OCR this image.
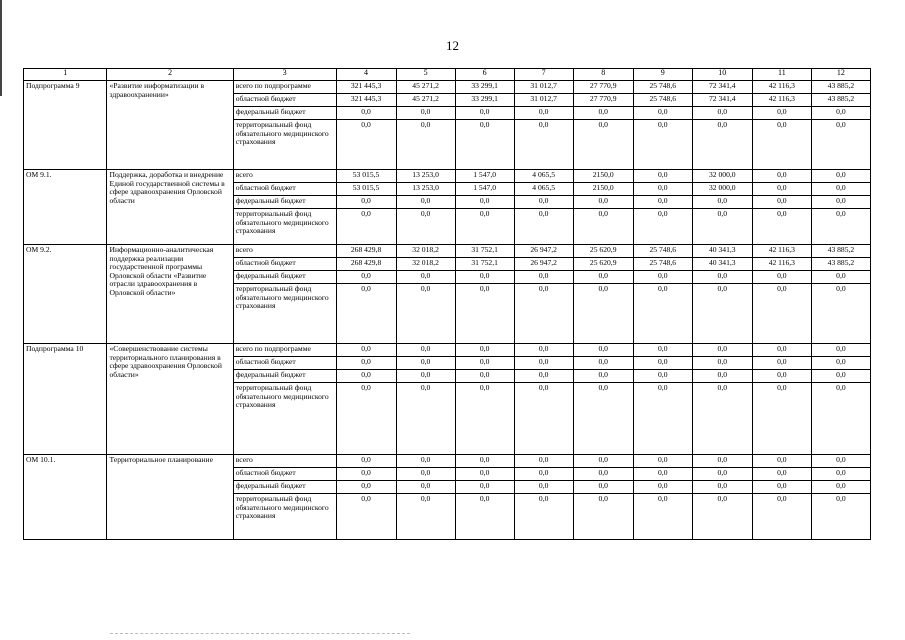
12
1	2	3	4	5	6	7	8	9	10	11	12
Подпрограмма 9	«Развитие информатизации в здравоохранении»	всего по подпрограмме	321 445,3	45 271,2	33 299,1	31 012,7	27 770,9	25 748,6	72 341,4	42 116,3	43 885,2
		областной бюджет	321 445,3	45 271,2	33 299,1	31 012,7	27 770,9	25 748,6	72 341,4	42 116,3	43 885,2
		федеральный бюджет	0,0	0,0	0,0	0,0	0,0	0,0	0,0	0,0	0,0
		территориальный фонд обязательного медицинского страхования	0,0	0,0	0,0	0,0	0,0	0,0	0,0	0,0	0,0
ОМ 9.1.	Поддержка, доработка и внедрение Единой государственной системы в сфере здравоохранения Орловской области	всего	53 015,5	13 253,0	1 547,0	4 065,5	2150,0	0,0	32 000,0	0,0	0,0
		областной бюджет	53 015,5	13 253,0	1 547,0	4 065,5	2150,0	0,0	32 000,0	0,0	0,0
		федеральный бюджет	0,0	0,0	0,0	0,0	0,0	0,0	0,0	0,0	0,0
		территориальный фонд обязательного медицинского страхования	0,0	0,0	0,0	0,0	0,0	0,0	0,0	0,0	0,0
ОМ 9.2.	Информационно-аналитическая поддержка реализации государственной программы Орловской области «Развитие отрасли здравоохранения в Орловской области»	всего	268 429,8	32 018,2	31 752,1	26 947,2	25 620,9	25 748,6	40 341,3	42 116,3	43 885,2
		областной бюджет	268 429,8	32 018,2	31 752,1	26 947,2	25 620,9	25 748,6	40 341,3	42 116,3	43 885,2
		федеральный бюджет	0,0	0,0	0,0	0,0	0,0	0,0	0,0	0,0	0,0
		территориальный фонд обязательного медицинского страхования	0,0	0,0	0,0	0,0	0,0	0,0	0,0	0,0	0,0
Подпрограмма 10	«Совершенствование системы территориального планирования в сфере здравоохранения Орловской области»	всего по подпрограмме	0,0	0,0	0,0	0,0	0,0	0,0	0,0	0,0	0,0
		областной бюджет	0,0	0,0	0,0	0,0	0,0	0,0	0,0	0,0	0,0
		федеральный бюджет	0,0	0,0	0,0	0,0	0,0	0,0	0,0	0,0	0,0
		территориальный фонд обязательного медицинского страхования	0,0	0,0	0,0	0,0	0,0	0,0	0,0	0,0	0,0
ОМ 10.1.	Территориальное планирование	всего	0,0	0,0	0,0	0,0	0,0	0,0	0,0	0,0	0,0
		областной бюджет	0,0	0,0	0,0	0,0	0,0	0,0	0,0	0,0	0,0
		федеральный бюджет	0,0	0,0	0,0	0,0	0,0	0,0	0,0	0,0	0,0
		территориальный фонд обязательного медицинского страхования	0,0	0,0	0,0	0,0	0,0	0,0	0,0	0,0	0,0
